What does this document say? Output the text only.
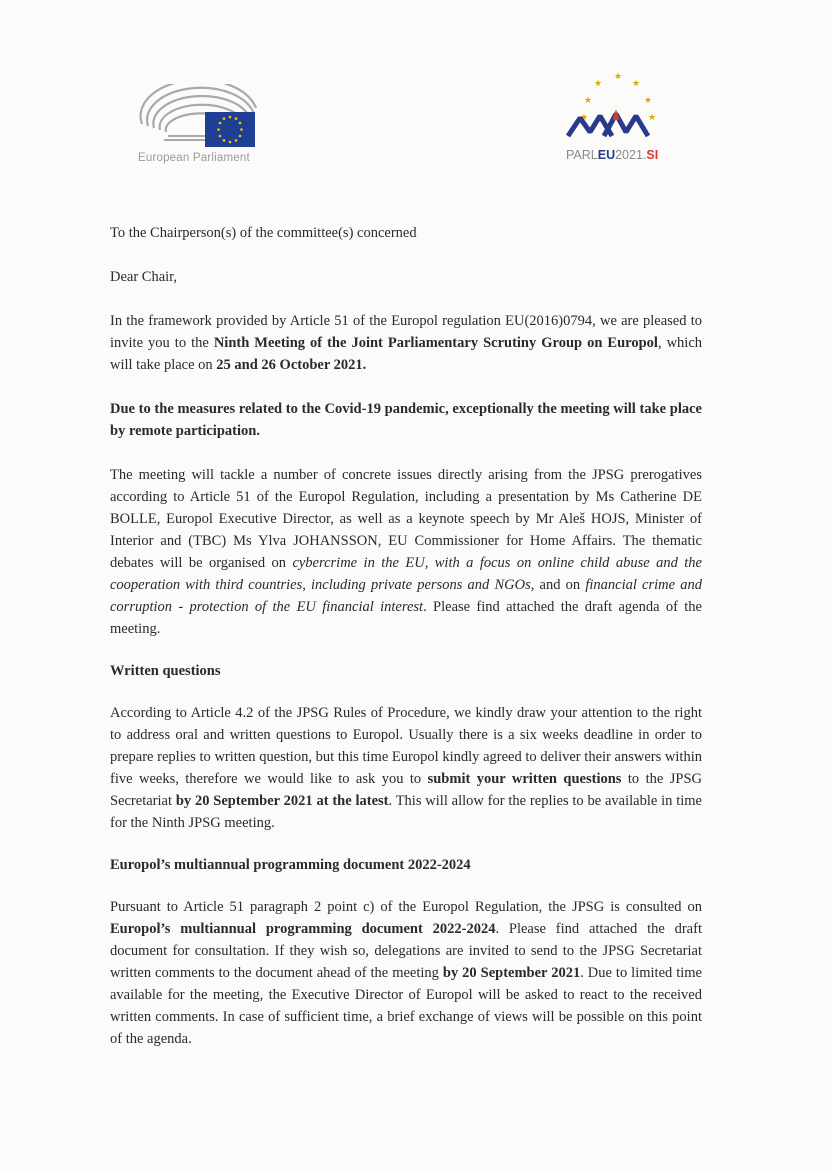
European Parliament
★
★
★
★	★
★	★
PARLEU2021.SI

To the Chairperson(s) of the committee(s) concerned

Dear Chair,

In the framework provided by Article 51 of the Europol regulation EU(2016)0794, we are pleased to invite you to the Ninth Meeting of the Joint Parliamentary Scrutiny Group on Europol, which will take place on 25 and 26 October 2021.

Due to the measures related to the Covid-19 pandemic, exceptionally the meeting will take place by remote participation.

The meeting will tackle a number of concrete issues directly arising from the JPSG prerogatives according to Article 51 of the Europol Regulation, including a presentation by Ms Catherine DE BOLLE, Europol Executive Director, as well as a keynote speech by Mr Aleš HOJS, Minister of Interior and (TBC) Ms Ylva JOHANSSON, EU Commissioner for Home Affairs. The thematic debates will be organised on cybercrime in the EU, with a focus on online child abuse and the cooperation with third countries, including private persons and NGOs, and on financial crime and corruption - protection of the EU financial interest. Please find attached the draft agenda of the meeting.

Written questions

According to Article 4.2 of the JPSG Rules of Procedure, we kindly draw your attention to the right to address oral and written questions to Europol. Usually there is a six weeks deadline in order to prepare replies to written question, but this time Europol kindly agreed to deliver their answers within five weeks, therefore we would like to ask you to submit your written questions to the JPSG Secretariat by 20 September 2021 at the latest. This will allow for the replies to be available in time for the Ninth JPSG meeting.

Europol’s multiannual programming document 2022-2024

Pursuant to Article 51 paragraph 2 point c) of the Europol Regulation, the JPSG is consulted on Europol’s multiannual programming document 2022-2024. Please find attached the draft document for consultation. If they wish so, delegations are invited to send to the JPSG Secretariat written comments to the document ahead of the meeting by 20 September 2021. Due to limited time available for the meeting, the Executive Director of Europol will be asked to react to the received written comments. In case of sufficient time, a brief exchange of views will be possible on this point of the agenda.
